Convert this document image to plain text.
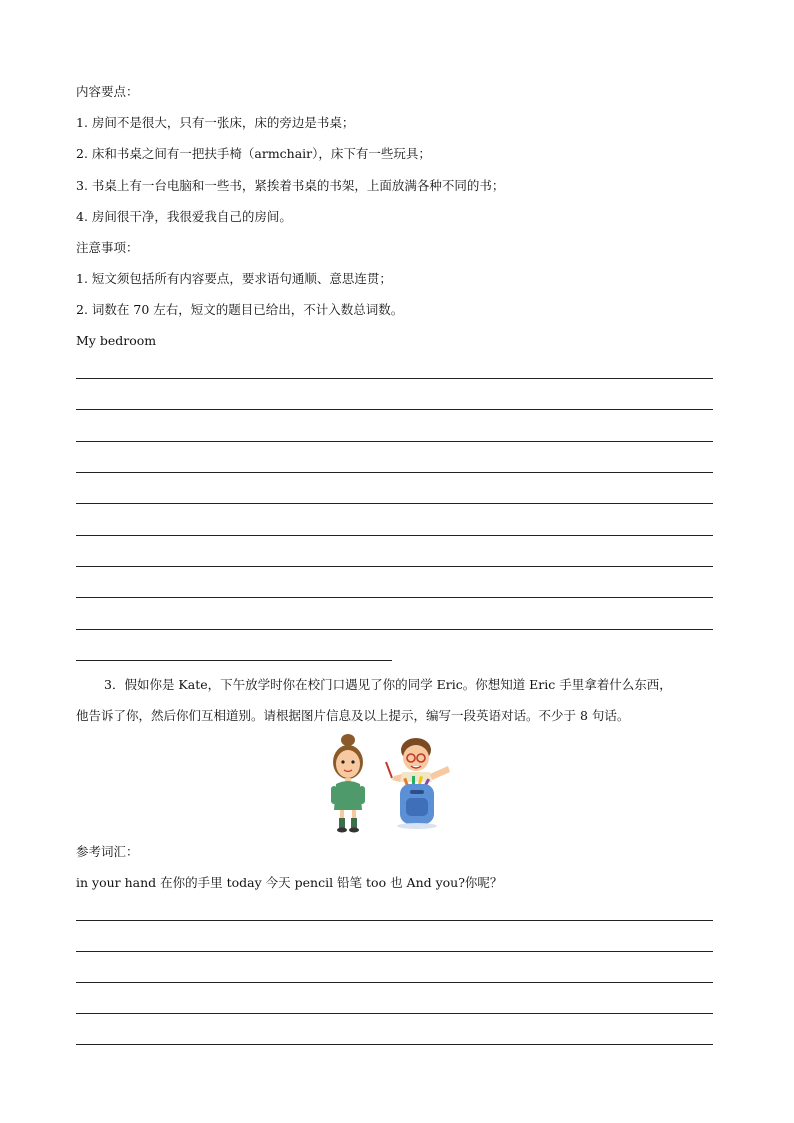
内容要点：
1. 房间不是很大，只有一张床，床的旁边是书桌；
2. 床和书桌之间有一把扶手椅（armchair），床下有一些玩具；
3. 书桌上有一台电脑和一些书，紧挨着书桌的书架，上面放满各种不同的书；
4. 房间很干净，我很爱我自己的房间。
注意事项：
1. 短文须包括所有内容要点，要求语句通顺、意思连贯；
2. 词数在 70 左右，短文的题目已给出，不计入数总词数。
My bedroom
3．假如你是 Kate，下午放学时你在校门口遇见了你的同学 Eric。你想知道 Eric 手里拿着什么东西，
他告诉了你，然后你们互相道别。请根据图片信息及以上提示，编写一段英语对话。不少于 8 句话。
参考词汇：
in your hand 在你的手里 today 今天 pencil 铅笔 too 也 And you?你呢？
